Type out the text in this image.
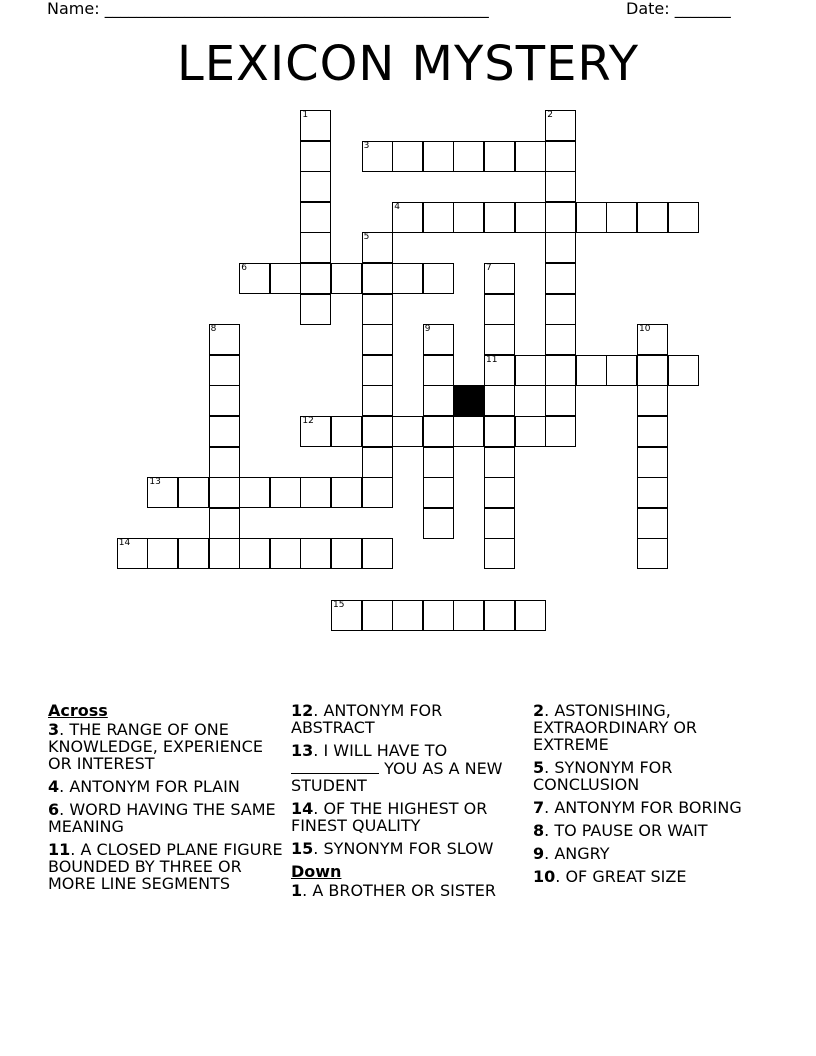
Name: ________________________________________________	Date: _______
LEXICON MYSTERY
1	2
3
4
5
6	7
11
8	9	10
12
13
14
15
Across
3. THE RANGE OF ONE KNOWLEDGE, EXPERIENCE OR INTEREST
4. ANTONYM FOR PLAIN
6. WORD HAVING THE SAME MEANING
11. A CLOSED PLANE FIGURE BOUNDED BY THREE OR MORE LINE SEGMENTS
12. ANTONYM FOR ABSTRACT
13. I WILL HAVE TO  YOU AS A NEW STUDENT
14. OF THE HIGHEST OR FINEST QUALITY
15. SYNONYM FOR SLOW
Down
1. A BROTHER OR SISTER
2. ASTONISHING, EXTRAORDINARY OR EXTREME
5. SYNONYM FOR CONCLUSION
7. ANTONYM FOR BORING
8. TO PAUSE OR WAIT
9. ANGRY
10. OF GREAT SIZE
